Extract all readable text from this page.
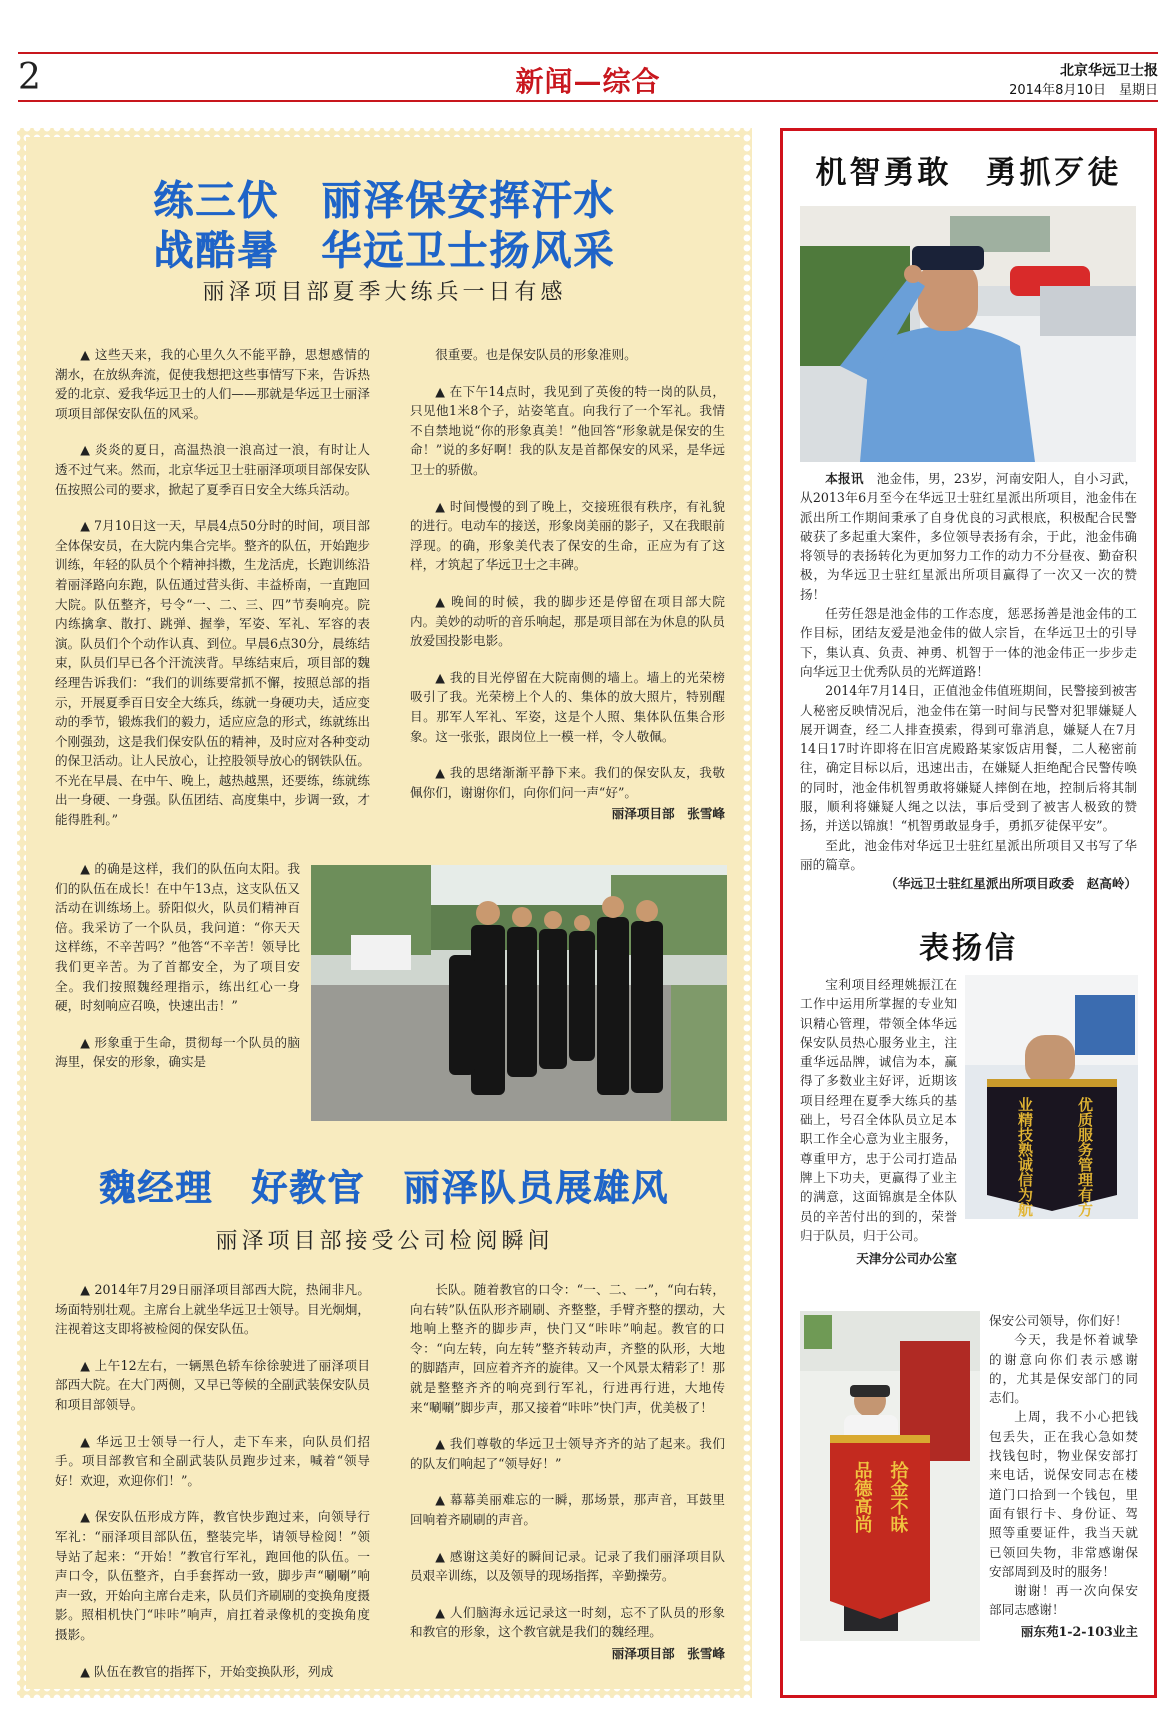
2	新闻—综合	北京华远卫士报
2014年8月10日　星期日
练三伏　丽泽保安挥汗水
战酷暑　华远卫士扬风采
丽泽项目部夏季大练兵一日有感

▲ 这些天来，我的心里久久不能平静，思想感情的潮水，在放纵奔流，促使我想把这些事情写下来，告诉热爱的北京、爱我华远卫士的人们——那就是华远卫士丽泽项项目部保安队伍的风采。

▲ 炎炎的夏日，高温热浪一浪高过一浪，有时让人透不过气来。然而，北京华远卫士驻丽泽项项目部保安队伍按照公司的要求，掀起了夏季百日安全大练兵活动。

▲ 7月10日这一天，早晨4点50分时的时间，项目部全体保安员，在大院内集合完毕。整齐的队伍，开始跑步训练，年轻的队员个个精神抖擞，生龙活虎，长跑训练沿着丽泽路向东跑，队伍通过营头街、丰益桥南，一直跑回大院。队伍整齐，号令“一、二、三、四”节奏响亮。院内练擒拿、散打、跳弹、握拳，军姿、军礼、军容的表演。队员们个个动作认真、到位。早晨6点30分，晨练结束，队员们早已各个汗流浃背。早练结束后，项目部的魏经理告诉我们：“我们的训练要常抓不懈，按照总部的指示，开展夏季百日安全大练兵，练就一身硬功夫，适应变动的季节，锻炼我们的毅力，适应应急的形式，练就练出个刚强劲，这是我们保安队伍的精神，及时应对各种变动的保卫活动。让人民放心，让控股领导放心的钢铁队伍。不光在早晨、在中午、晚上，越热越黑，还要练，练就练出一身硬、一身强。队伍团结、高度集中，步调一致，才能得胜利。”

▲ 的确是这样，我们的队伍向太阳。我们的队伍在成长！在中午13点，这支队伍又活动在训练场上。骄阳似火，队员们精神百倍。我采访了一个队员，我问道：“你天天这样练，不辛苦吗？”他答“不辛苦！领导比我们更辛苦。为了首都安全，为了项目安全。我们按照魏经理指示，练出红心一身硬，时刻响应召唤，快速出击！”

▲ 形象重于生命，贯彻每一个队员的脑海里，保安的形象，确实是

很重要。也是保安队员的形象准则。

▲ 在下午14点时，我见到了英俊的特一岗的队员，只见他1米8个子，站姿笔直。向我行了一个军礼。我情不自禁地说“你的形象真美！”他回答“形象就是保安的生命！”说的多好啊！我的队友是首都保安的风采，是华远卫士的骄傲。

▲ 时间慢慢的到了晚上，交接班很有秩序，有礼貌的进行。电动车的接送，形象岗美丽的影子，又在我眼前浮现。的确，形象美代表了保安的生命，正应为有了这样，才筑起了华远卫士之丰碑。

▲ 晚间的时候，我的脚步还是停留在项目部大院内。美妙的动听的音乐响起，那是项目部在为休息的队员放爱国投影电影。

▲ 我的目光停留在大院南侧的墙上。墙上的光荣榜吸引了我。光荣榜上个人的、集体的放大照片，特别醒目。那军人军礼、军姿，这是个人照、集体队伍集合形象。这一张张，跟岗位上一模一样，令人敬佩。

▲ 我的思绪渐渐平静下来。我们的保安队友，我敬佩你们，谢谢你们，向你们问一声“好”。

丽泽项目部　张雪峰

魏经理　好教官　丽泽队员展雄风
丽泽项目部接受公司检阅瞬间

▲ 2014年7月29日丽泽项目部西大院，热闹非凡。场面特别壮观。主席台上就坐华远卫士领导。目光炯炯，注视着这支即将被检阅的保安队伍。

▲ 上午12左右，一辆黑色轿车徐徐驶进了丽泽项目部西大院。在大门两侧，又早已等候的全副武装保安队员和项目部领导。

▲ 华远卫士领导一行人，走下车来，向队员们招手。项目部教官和全副武装队员跑步过来，喊着“领导好！欢迎，欢迎你们！”。

▲ 保安队伍形成方阵，教官快步跑过来，向领导行军礼：“丽泽项目部队伍，整装完毕，请领导检阅！”领导站了起来：“开始！”教官行军礼，跑回他的队伍。一声口令，队伍整齐，白手套挥动一致，脚步声“唰唰”响声一致，开始向主席台走来，队员们齐刷刷的变换角度摄影。照相机快门“咔咔”响声，肩扛着录像机的变换角度摄影。

▲ 队伍在教官的指挥下，开始变换队形，列成

长队。随着教官的口令：“一、二、一”，“向右转，向右转”队伍队形齐刷刷、齐整整，手臂齐整的摆动，大地响上整齐的脚步声，快门又“咔咔”响起。教官的口令：“向左转，向左转”整齐转动声，齐整的队形，大地的脚踏声，回应着齐齐的旋律。又一个风景太精彩了！那就是整整齐齐的响亮到行军礼，行进再行进，大地传来“唰唰”脚步声，那又接着“咔咔”快门声，优美极了！

▲ 我们尊敬的华远卫士领导齐齐的站了起来。我们的队友们响起了“领导好！”

▲ 幕幕美丽难忘的一瞬，那场景，那声音，耳鼓里回响着齐刷刷的声音。

▲ 感谢这美好的瞬间记录。记录了我们丽泽项目队员艰辛训练，以及领导的现场指挥，辛勤操劳。

▲ 人们脑海永远记录这一时刻，忘不了队员的形象和教官的形象，这个教官就是我们的魏经理。

丽泽项目部　张雪峰

机智勇敢　勇抓歹徒

本报讯　 池金伟，男，23岁，河南安阳人，自小习武，从2013年6月至今在华远卫士驻红星派出所项目，池金伟在派出所工作期间秉承了自身优良的习武根底，积极配合民警破获了多起重大案件，多位领导表扬有余，于此，池金伟确将领导的表扬转化为更加努力工作的动力不分昼夜、勤奋积极，为华远卫士驻红星派出所项目赢得了一次又一次的赞扬！

任劳任怨是池金伟的工作态度，惩恶扬善是池金伟的工作目标，团结友爱是池金伟的做人宗旨，在华远卫士的引导下，集认真、负责、神勇、机智于一体的池金伟正一步步走向华远卫士优秀队员的光辉道路！

2014年7月14日，正值池金伟值班期间，民警接到被害人秘密反映情况后，池金伟在第一时间与民警对犯罪嫌疑人展开调查，经二人排查摸索，得到可靠消息，嫌疑人在7月14日17时许即将在旧宫虎殿路某家饭店用餐，二人秘密前往，确定目标以后，迅速出击，在嫌疑人拒绝配合民警传唤的同时，池金伟机智勇敢将嫌疑人摔倒在地，控制后将其制服，顺利将嫌疑人绳之以法，事后受到了被害人极致的赞扬，并送以锦旗！“机智勇敢显身手，勇抓歹徒保平安”。

至此，池金伟对华远卫士驻红星派出所项目又书写了华丽的篇章。

（华远卫士驻红星派出所项目政委　赵高岭）

表扬信

宝利项目经理姚振江在工作中运用所掌握的专业知识精心管理，带领全体华远保安队员热心服务业主，注重华远品牌，诚信为本，赢得了多数业主好评，近期该项目经理在夏季大练兵的基础上，号召全体队员立足本职工作全心意为业主服务，尊重甲方，忠于公司打造品牌上下功夫，更赢得了业主的满意，这面锦旗是全体队员的辛苦付出的到的，荣誉归于队员，归于公司。

天津分公司办公室

优质服务管理有方
业精技熟诚信为航
拾金不昧
品德高尚

保安公司领导，你们好！

今天，我是怀着诚挚的谢意向你们表示感谢的，尤其是保安部门的同志们。

上周，我不小心把钱包丢失，正在我心急如焚找钱包时，物业保安部打来电话，说保安同志在楼道门口拾到一个钱包，里面有银行卡、身份证、驾照等重要证件，我当天就已领回失物，非常感谢保安部周到及时的服务！

谢谢！再一次向保安部同志感谢！

丽东苑1-2-103业主
